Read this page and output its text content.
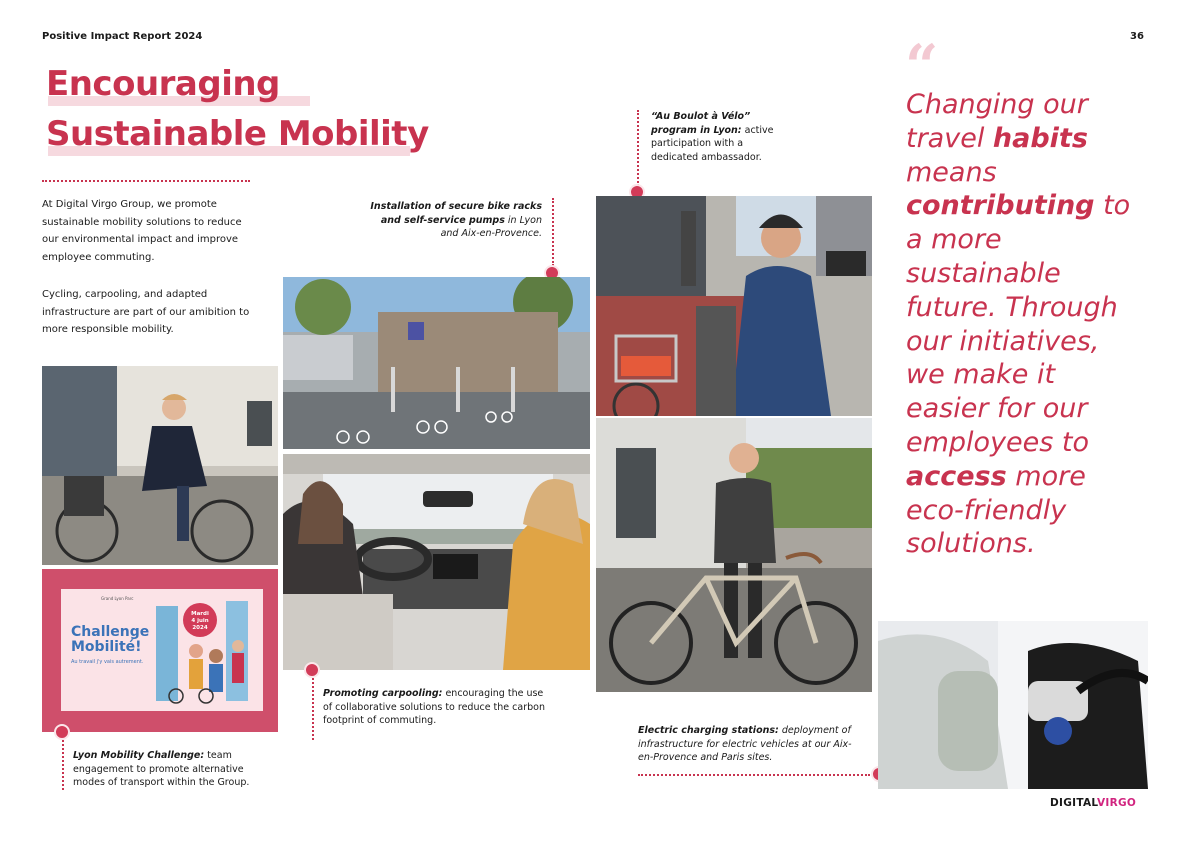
Positive Impact Report 2024	36
Encouraging
Sustainable Mobility
At Digital Virgo Group, we promote sustainable mobility solutions to reduce our environmental impact and improve employee commuting.
Cycling, carpooling, and adapted infrastructure are part of our amibition to more responsible mobility.
Grand Lyon Parc
Challenge
Mobilité!
Au travail j'y vais autrement.
Mardi
4 juin
2024
Lyon Mobility Challenge: team engagement to promote alternative modes of transport within the Group.
Installation of secure bike racks and self-service pumps in Lyon and Aix-en-Provence.
Promoting carpooling: encouraging the use of collaborative solutions to reduce the carbon footprint of commuting.
“Au Boulot à Vélo” program in Lyon: active participation with a dedicated ambassador.
Electric charging stations: deployment of infrastructure for electric vehicles at our Aix-en-Provence and Paris sites.
“
Changing our travel habits means contributing to a more sustainable future. Through our initiatives, we make it easier for our employees to access more eco-friendly solutions.
DIGITALVIRGO
